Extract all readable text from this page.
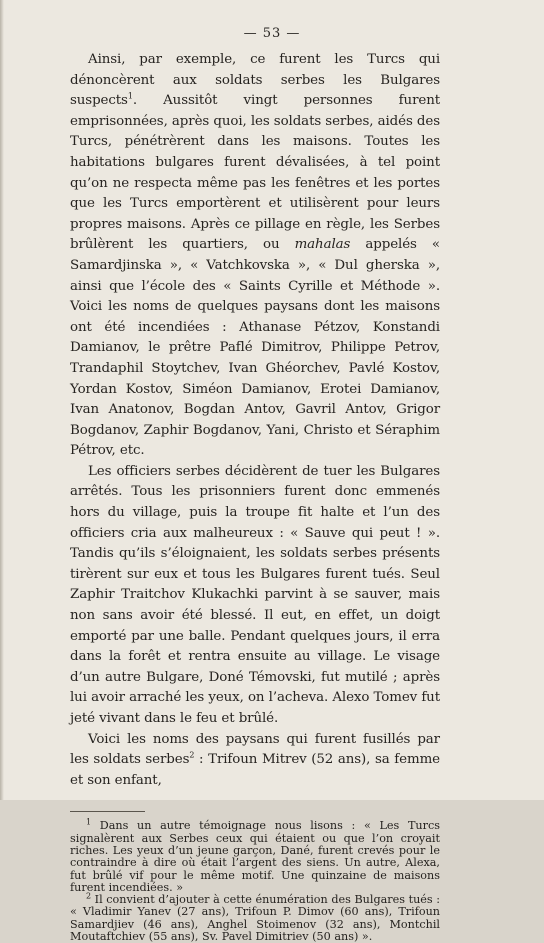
— 53 —

Ainsi, par exemple, ce furent les Turcs qui dénoncèrent aux soldats serbes les Bulgares suspects$^1$. Aussitôt vingt personnes furent emprisonnées, après quoi, les soldats serbes, aidés des Turcs, pénétrèrent dans les maisons. Toutes les habitations bulgares furent dévalisées, à tel point qu’on ne respecta même pas les fenêtres et les portes que les Turcs emportèrent et utilisèrent pour leurs propres maisons. Après ce pillage en règle, les Serbes brûlèrent les quartiers, ou mahalas appelés « Samardjinska », « Vatchkovska », « Dul gherska », ainsi que l’école des « Saints Cyrille et Méthode ». Voici les noms de quelques paysans dont les maisons ont été incendiées : Athanase Pétzov, Konstandi Damianov, le prêtre Paflé Dimitrov, Philippe Petrov, Trandaphil Stoytchev, Ivan Ghéorchev, Pavlé Kostov, Yordan Kostov, Siméon Damianov, Erotei Damianov, Ivan Anatonov, Bogdan Antov, Gavril Antov, Grigor Bogdanov, Zaphir Bogdanov, Yani, Christo et Séraphim Pétrov, etc.

Les officiers serbes décidèrent de tuer les Bulgares arrêtés. Tous les prisonniers furent donc emmenés hors du village, puis la troupe fit halte et l’un des officiers cria aux malheureux : « Sauve qui peut ! ». Tandis qu’ils s’éloignaient, les soldats serbes présents tirèrent sur eux et tous les Bulgares furent tués. Seul Zaphir Traitchov Klukachki parvint à se sauver, mais non sans avoir été blessé. Il eut, en effet, un doigt emporté par une balle. Pendant quelques jours, il erra dans la forêt et rentra ensuite au village. Le visage d’un autre Bulgare, Doné Témovski, fut mutilé ; après lui avoir arraché les yeux, on l’acheva. Alexo Tomev fut jeté vivant dans le feu et brûlé.

Voici les noms des paysans qui furent fusillés par les soldats serbes$^2$ : Trifoun Mitrev (52 ans), sa femme et son enfant,

$^1$ Dans un autre témoignage nous lisons : « Les Turcs signalèrent aux Serbes ceux qui étaient ou que l’on croyait riches. Les yeux d’un jeune garçon, Dané, furent crevés pour le contraindre à dire où était l’argent des siens. Un autre, Alexa, fut brûlé vif pour le même motif. Une quinzaine de maisons furent incendiées. »

$^2$ Il convient d’ajouter à cette énumération des Bulgares tués : « Vladimir Yanev (27 ans), Trifoun P. Dimov (60 ans), Trifoun Samardjiev (46 ans), Anghel Stoimenov (32 ans), Montchil Moutaftchiev (55 ans), Sv. Pavel Dimitriev (50 ans) ».
